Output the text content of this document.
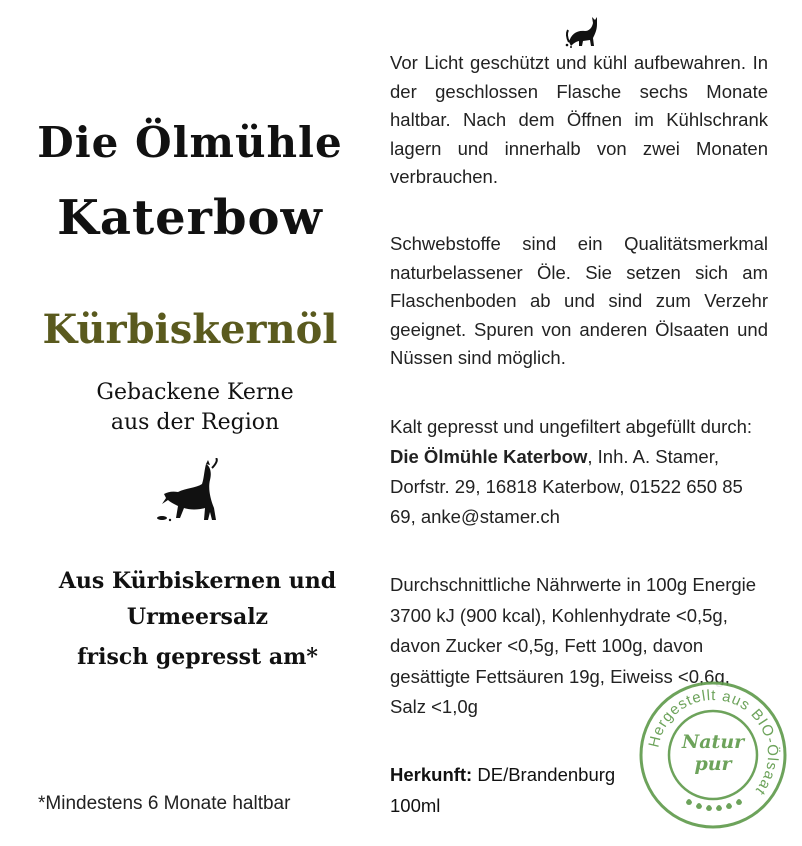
Die Ölmühle
Katerbow
Kürbiskernöl
Gebackene Kerne
aus der Region
Aus Kürbiskernen und
Urmeersalz
frisch gepresst am*
*Mindestens 6 Monate haltbar
Vor Licht geschützt und kühl aufbewahren. In der geschlossen Flasche sechs Monate haltbar. Nach dem Öffnen im Kühlschrank lagern und innerhalb von zwei Monaten verbrauchen.
Schwebstoffe sind ein Qualitätsmerkmal naturbelassener Öle. Sie setzen sich am Flaschenboden ab und sind zum Verzehr geeignet. Spuren von anderen Ölsaaten und Nüssen sind möglich.
Kalt gepresst und ungefiltert abgefüllt durch: Die Ölmühle Katerbow, Inh. A. Stamer, Dorfstr. 29, 16818 Katerbow, 01522 650 85 69, anke@stamer.ch
Durchschnittliche Nährwerte in 100g Energie 3700 kJ (900 kcal), Kohlenhydrate <0,5g, davon Zucker <0,5g, Fett 100g, davon gesättigte Fettsäuren 19g, Eiweiss <0,6g, Salz <1,0g
Herkunft: DE/Brandenburg
100ml
Hergestellt aus BIO-Ölsaat
Natur
pur
